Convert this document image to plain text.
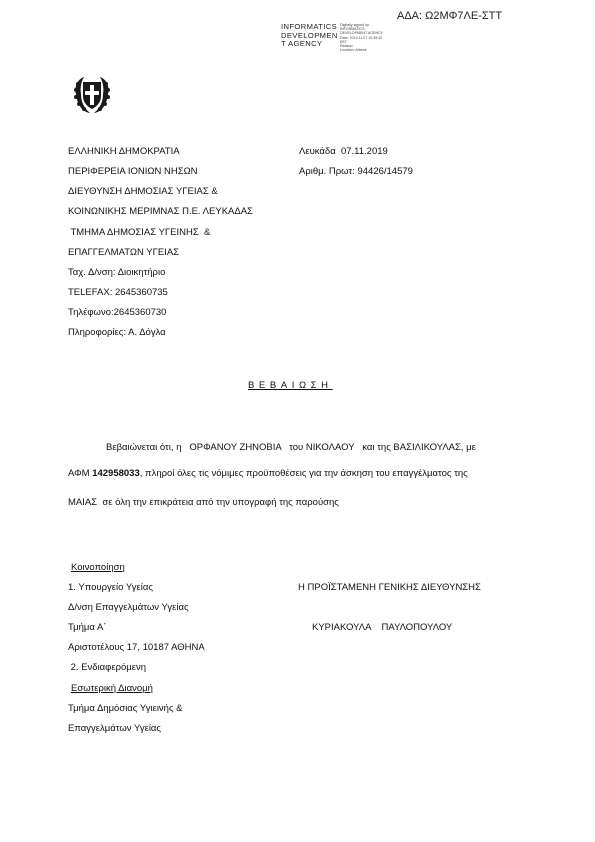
ΑΔΑ: Ω2ΜΦ7ΛΕ-ΣΤΤ
INFORMATICS
DEVELOPMEN
T AGENCY
Digitally signed by
INFORMATICS
DEVELOPMENT AGENCY
Date: 2019.11.07 10:39:42
EET
Reason:
Location: Athens
ΕΛΛΗΝΙΚΗ ΔΗΜΟΚΡΑΤΙΑ
ΠΕΡΙΦΕΡΕΙΑ ΙΟΝΙΩΝ ΝΗΣΩΝ
ΔΙΕΥΘΥΝΣΗ ΔΗΜΟΣΙΑΣ ΥΓΕΙΑΣ &
ΚΟΙΝΩΝΙΚΗΣ ΜΕΡΙΜΝΑΣ Π.Ε. ΛΕΥΚΑΔΑΣ
ΤΜΗΜΑ ΔΗΜΟΣΙΑΣ ΥΓΕΙΝΗΣ  &
ΕΠΑΓΓΕΛΜΑΤΩΝ ΥΓΕΙΑΣ
Ταχ. Δ/νση: Διοικητήριο
TELEFAX: 2645360735
Τηλέφωνο:2645360730
Πληροφορίες: Α. Δόγλα
Λευκάδα  07.11.2019
Αριθμ. Πρωτ: 94426/14579
ΒΕΒΑΙΩΣΗ
Βεβαιώνεται ότι, η   ΟΡΦΑΝΟΥ ΖΗΝΟΒΙΑ   του ΝΙΚΟΛΑΟΥ   και της ΒΑΣΙΛΙΚΟΥΛΑΣ, με
ΑΦΜ 142958033, πληροί όλες τις νόμιμες προϋποθέσεις για την άσκηση του επαγγέλματος της
ΜΑΙΑΣ  σε όλη την επικράτεια από την υπογραφή της παρούσης
Κοινοποίηση
1. Υπουργείο Υγείας
Δ/νση Επαγγελμάτων Υγείας
Τμήμα Α΄
Αριστοτέλους 17, 10187 ΑΘΗΝΑ
2. Ενδιαφερόμενη
Εσωτερική Διανομή
Τμήμα Δημόσιας Υγιεινής &
Επαγγελμάτων Υγείας
Η ΠΡΟΪΣΤΑΜΕΝΗ ΓΕΝΙΚΗΣ ΔΙΕΥΘΥΝΣΗΣ
ΚΥΡΙΑΚΟΥΛΑ    ΠΑΥΛΟΠΟΥΛΟΥ
